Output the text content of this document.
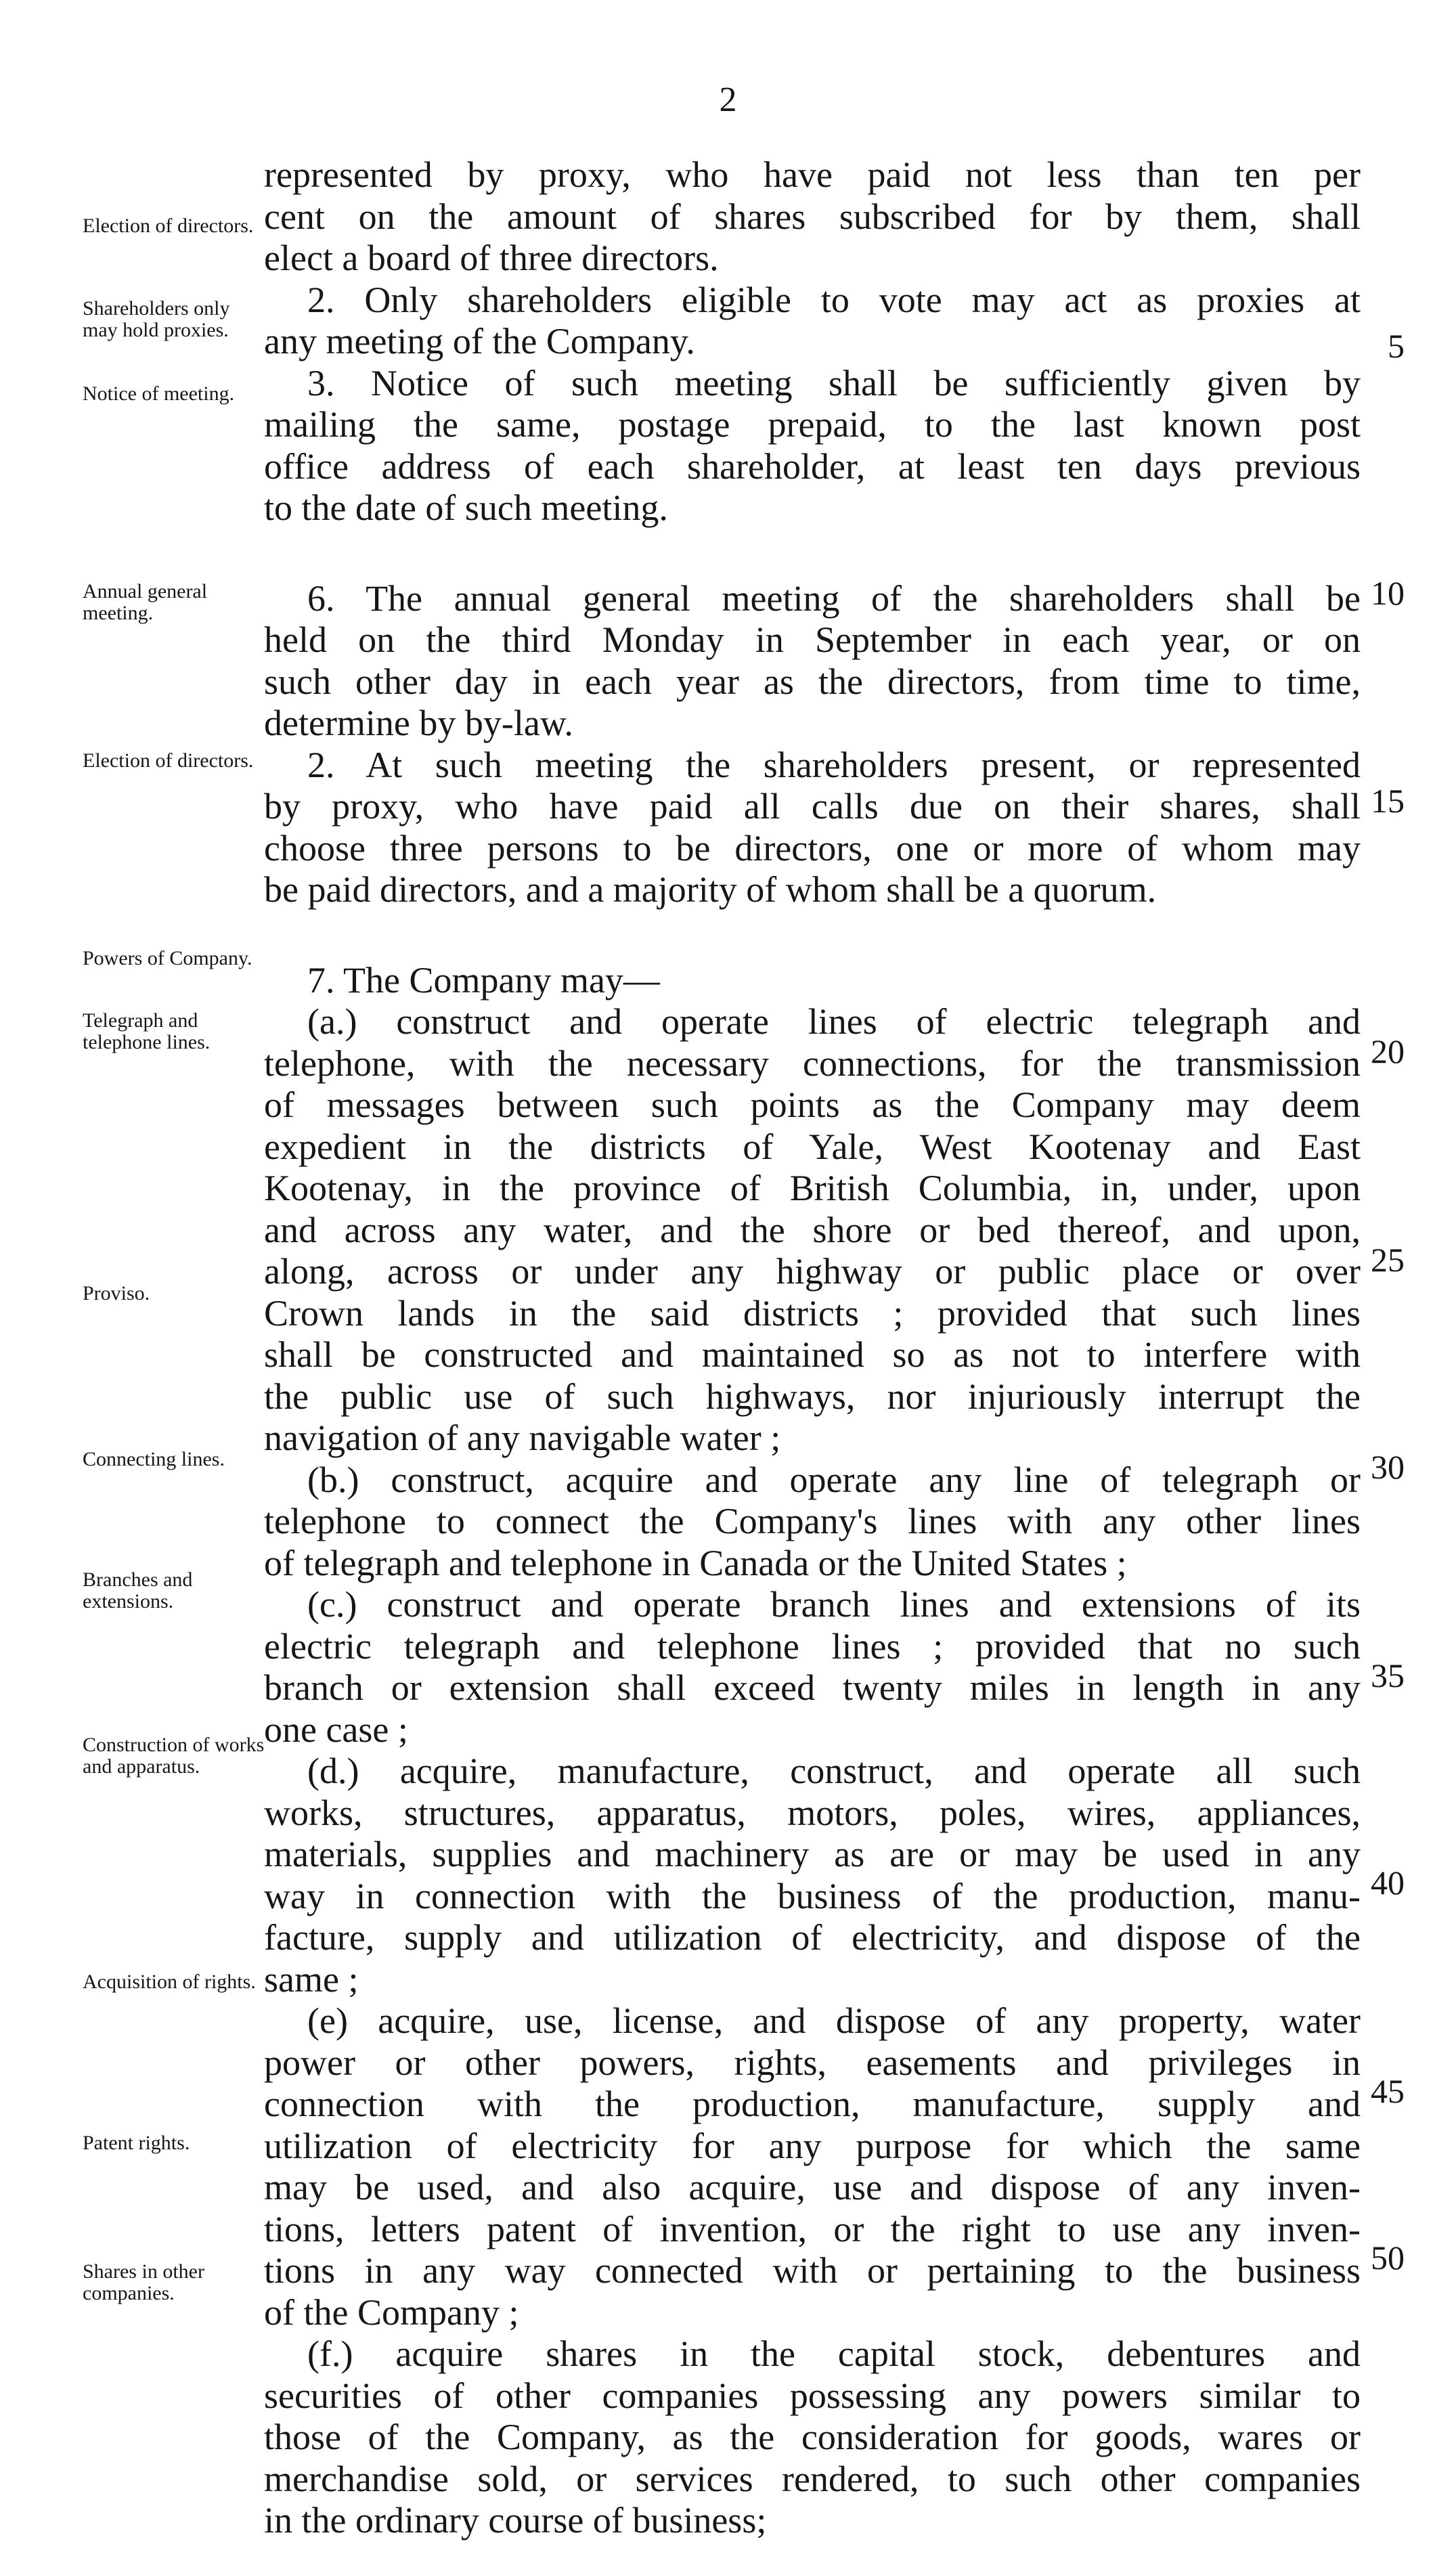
2
represented by proxy, who have paid not less than ten per
cent on the amount of shares subscribed for by them, shall
elect a board of three directors.
2. Only shareholders eligible to vote may act as proxies at
any meeting of the Company.
3. Notice of such meeting shall be sufficiently given by
mailing the same, postage prepaid, to the last known post
office address of each shareholder, at least ten days previous
to the date of such meeting.
6. The annual general meeting of the shareholders shall be
held on the third Monday in September in each year, or on
such other day in each year as the directors, from time to time,
determine by by-law.
2. At such meeting the shareholders present, or represented
by proxy, who have paid all calls due on their shares, shall
choose three persons to be directors, one or more of whom may
be paid directors, and a majority of whom shall be a quorum.
7. The Company may—
(a.) construct and operate lines of electric telegraph and
telephone, with the necessary connections, for the transmission
of messages between such points as the Company may deem
expedient in the districts of Yale, West Kootenay and East
Kootenay, in the province of British Columbia, in, under, upon
and across any water, and the shore or bed thereof, and upon,
along, across or under any highway or public place or over
Crown lands in the said districts ; provided that such lines
shall be constructed and maintained so as not to interfere with
the public use of such highways, nor injuriously interrupt the
navigation of any navigable water ;
(b.) construct, acquire and operate any line of telegraph or
telephone to connect the Company's lines with any other lines
of telegraph and telephone in Canada or the United States ;
(c.) construct and operate branch lines and extensions of its
electric telegraph and telephone lines ; provided that no such
branch or extension shall exceed twenty miles in length in any
one case ;
(d.) acquire, manufacture, construct, and operate all such
works, structures, apparatus, motors, poles, wires, appliances,
materials, supplies and machinery as are or may be used in any
way in connection with the business of the production, manu-
facture, supply and utilization of electricity, and dispose of the
same ;
(e) acquire, use, license, and dispose of any property, water
power or other powers, rights, easements and privileges in
connection with the production, manufacture, supply and
utilization of electricity for any purpose for which the same
may be used, and also acquire, use and dispose of any inven-
tions, letters patent of invention, or the right to use any inven-
tions in any way connected with or pertaining to the business
of the Company ;
(f.) acquire shares in the capital stock, debentures and
securities of other companies possessing any powers similar to
those of the Company, as the consideration for goods, wares or
merchandise sold, or services rendered, to such other companies
in the ordinary course of business;
Election of directors.
Shareholders only may hold proxies.
Notice of meeting.
Annual general meeting.
Election of directors.
Powers of Company.
Telegraph and telephone lines.
Proviso.
Connecting lines.
Branches and extensions.
Construction of works and apparatus.
Acquisition of rights.
Patent rights.
Shares in other companies.
5
10
15
20
25
30
35
40
45
50
